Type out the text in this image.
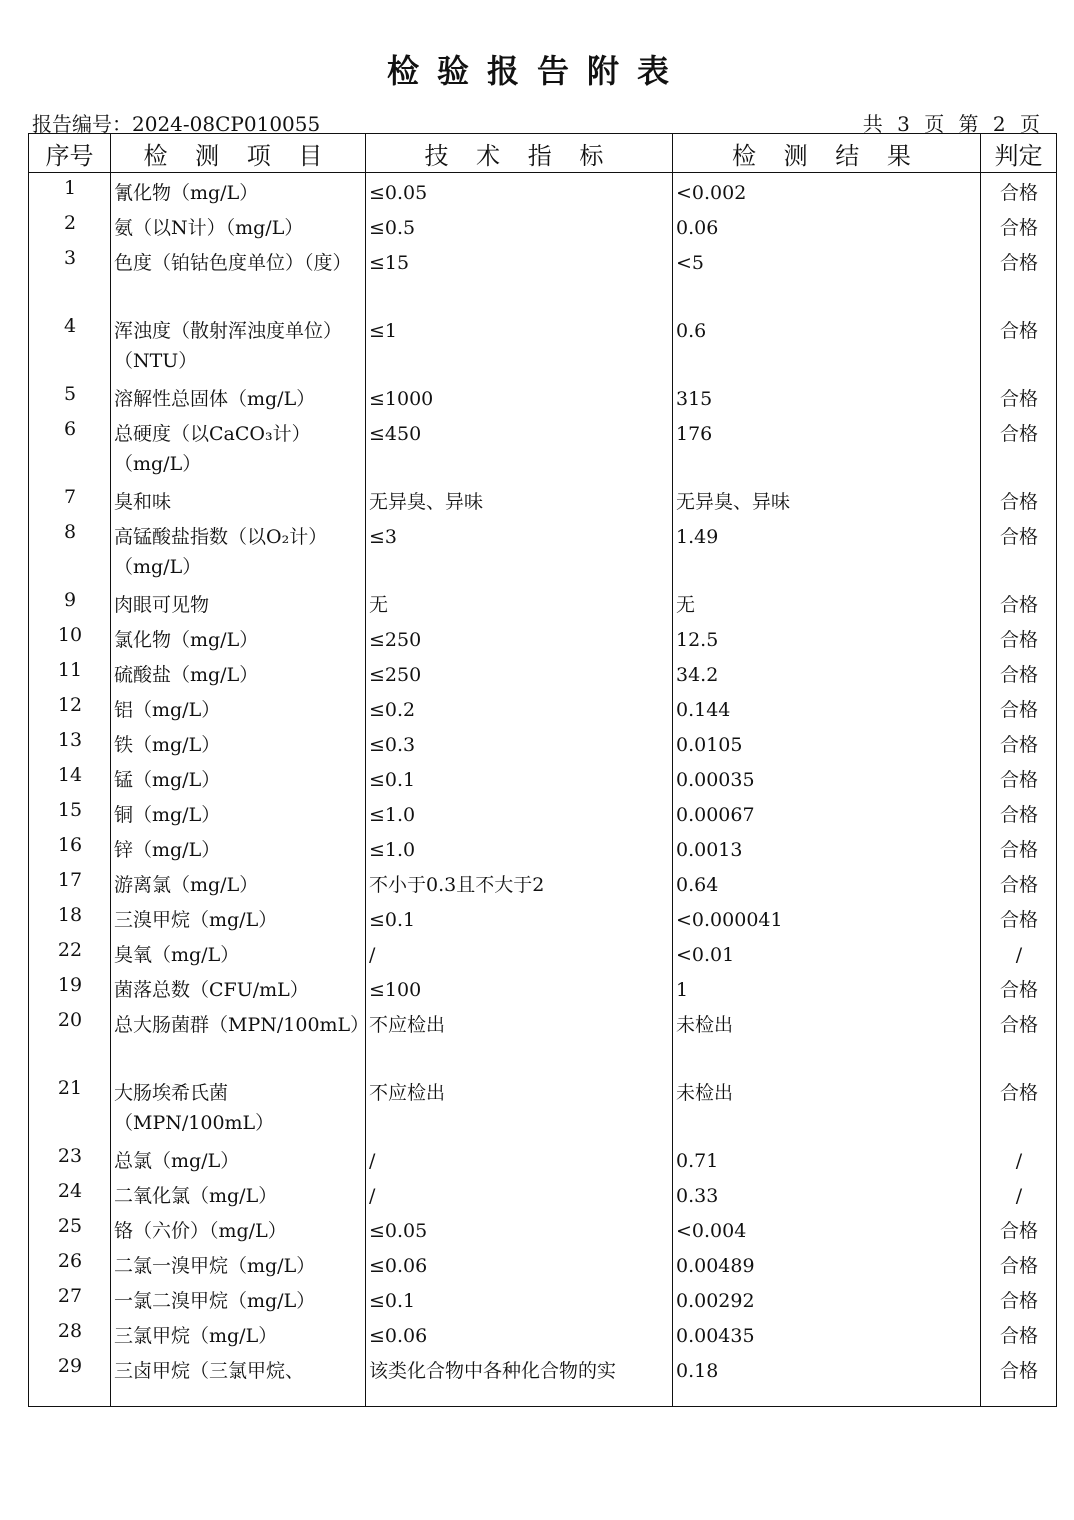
检验报告附表
报告编号：2024-08CP010055	共 3 页 第 2 页
序号	检 测 项 目	技 术 指 标	检 测 结 果	判定
1	氰化物（mg/L）	≤0.05	<0.002	合格
2	氨（以N计）（mg/L）	≤0.5	0.06	合格
3	色度（铂钴色度单位）（度）	≤15	<5	合格
4	浑浊度（散射浑浊度单位）（NTU）	≤1	0.6	合格
5	溶解性总固体（mg/L）	≤1000	315	合格
6	总硬度（以CaCO₃计）（mg/L）	≤450	176	合格
7	臭和味	无异臭、异味	无异臭、异味	合格
8	高锰酸盐指数（以O₂计）（mg/L）	≤3	1.49	合格
9	肉眼可见物	无	无	合格
10	氯化物（mg/L）	≤250	12.5	合格
11	硫酸盐（mg/L）	≤250	34.2	合格
12	铝（mg/L）	≤0.2	0.144	合格
13	铁（mg/L）	≤0.3	0.0105	合格
14	锰（mg/L）	≤0.1	0.00035	合格
15	铜（mg/L）	≤1.0	0.00067	合格
16	锌（mg/L）	≤1.0	0.0013	合格
17	游离氯（mg/L）	不小于0.3且不大于2	0.64	合格
18	三溴甲烷（mg/L）	≤0.1	<0.000041	合格
22	臭氧（mg/L）	/	<0.01	/
19	菌落总数（CFU/mL）	≤100	1	合格
20	总大肠菌群（MPN/100mL）	不应检出	未检出	合格
21	大肠埃希氏菌（MPN/100mL）	不应检出	未检出	合格
23	总氯（mg/L）	/	0.71	/
24	二氧化氯（mg/L）	/	0.33	/
25	铬（六价）（mg/L）	≤0.05	<0.004	合格
26	二氯一溴甲烷（mg/L）	≤0.06	0.00489	合格
27	一氯二溴甲烷（mg/L）	≤0.1	0.00292	合格
28	三氯甲烷（mg/L）	≤0.06	0.00435	合格
29	三卤甲烷（三氯甲烷、	该类化合物中各种化合物的实	0.18	合格
